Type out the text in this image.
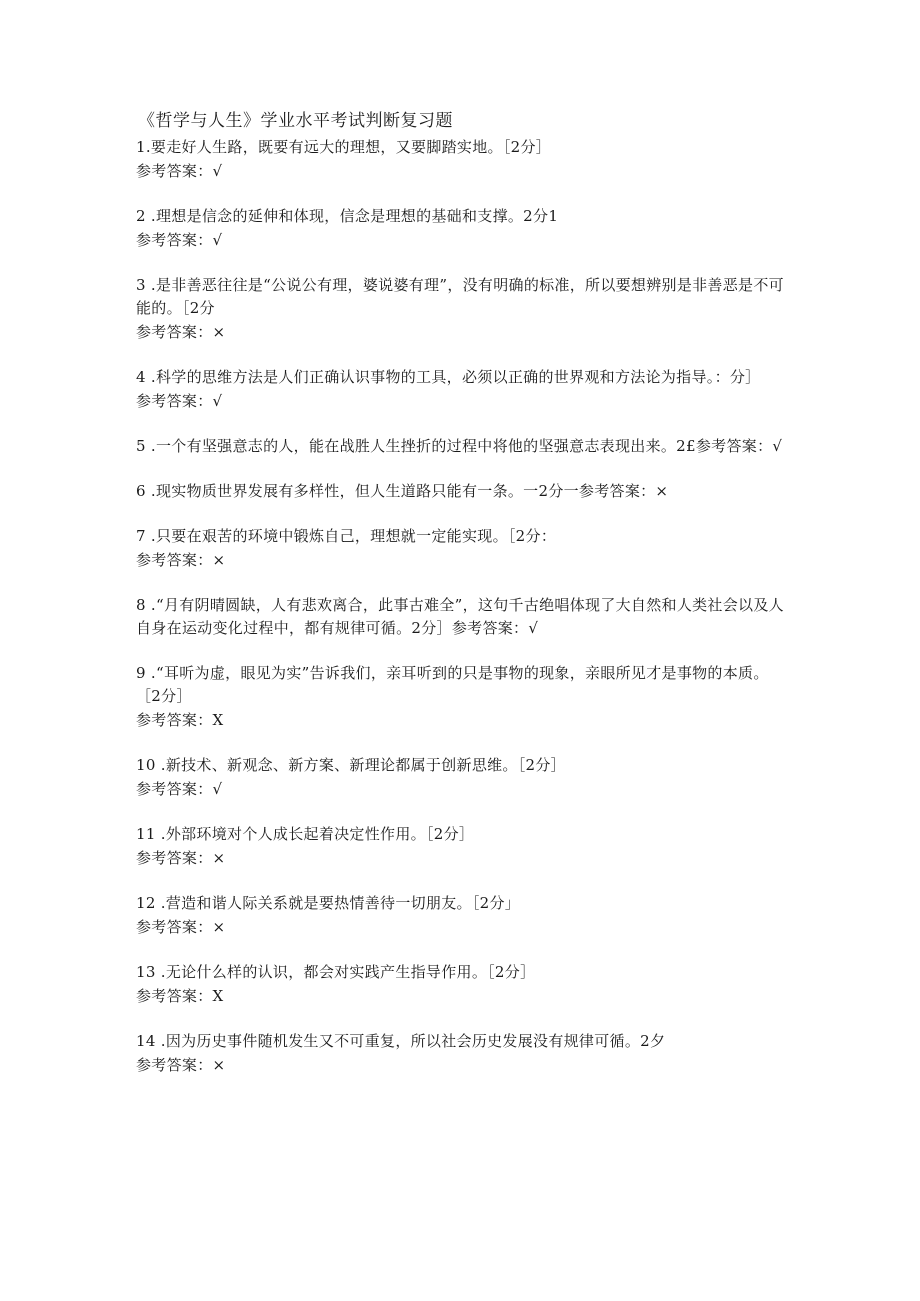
《哲学与人生》学业水平考试判断复习题

1.要走好人生路，既要有远大的理想，又要脚踏实地。［2分］

参考答案：√

2 .理想是信念的延伸和体现，信念是理想的基础和支撑。2分1

参考答案：√

3 .是非善恶往往是“公说公有理，婆说婆有理”，没有明确的标准，所以要想辨别是非善恶是不可能的。［2分

参考答案：×

4 .科学的思维方法是人们正确认识事物的工具，必须以正确的世界观和方法论为指导。：分］

参考答案：√

5 .一个有坚强意志的人，能在战胜人生挫折的过程中将他的坚强意志表现出来。2£参考答案：√

6 .现实物质世界发展有多样性，但人生道路只能有一条。一2分一参考答案：×

7 .只要在艰苦的环境中锻炼自己，理想就一定能实现。［2分：

参考答案：×

8 .“月有阴晴圆缺，人有悲欢离合，此事古难全”，这句千古绝唱体现了大自然和人类社会以及人自身在运动变化过程中，都有规律可循。2分］参考答案：√

9 .“耳听为虚，眼见为实”告诉我们，亲耳听到的只是事物的现象，亲眼所见才是事物的本质。［2分］

参考答案：X

10 .新技术、新观念、新方案、新理论都属于创新思维。［2分］

参考答案：√

11 .外部环境对个人成长起着决定性作用。［2分］

参考答案：×

12 .营造和谐人际关系就是要热情善待一切朋友。［2分」

参考答案：×

13 .无论什么样的认识，都会对实践产生指导作用。［2分］

参考答案：X

14 .因为历史事件随机发生又不可重复，所以社会历史发展没有规律可循。2夕

参考答案：×
